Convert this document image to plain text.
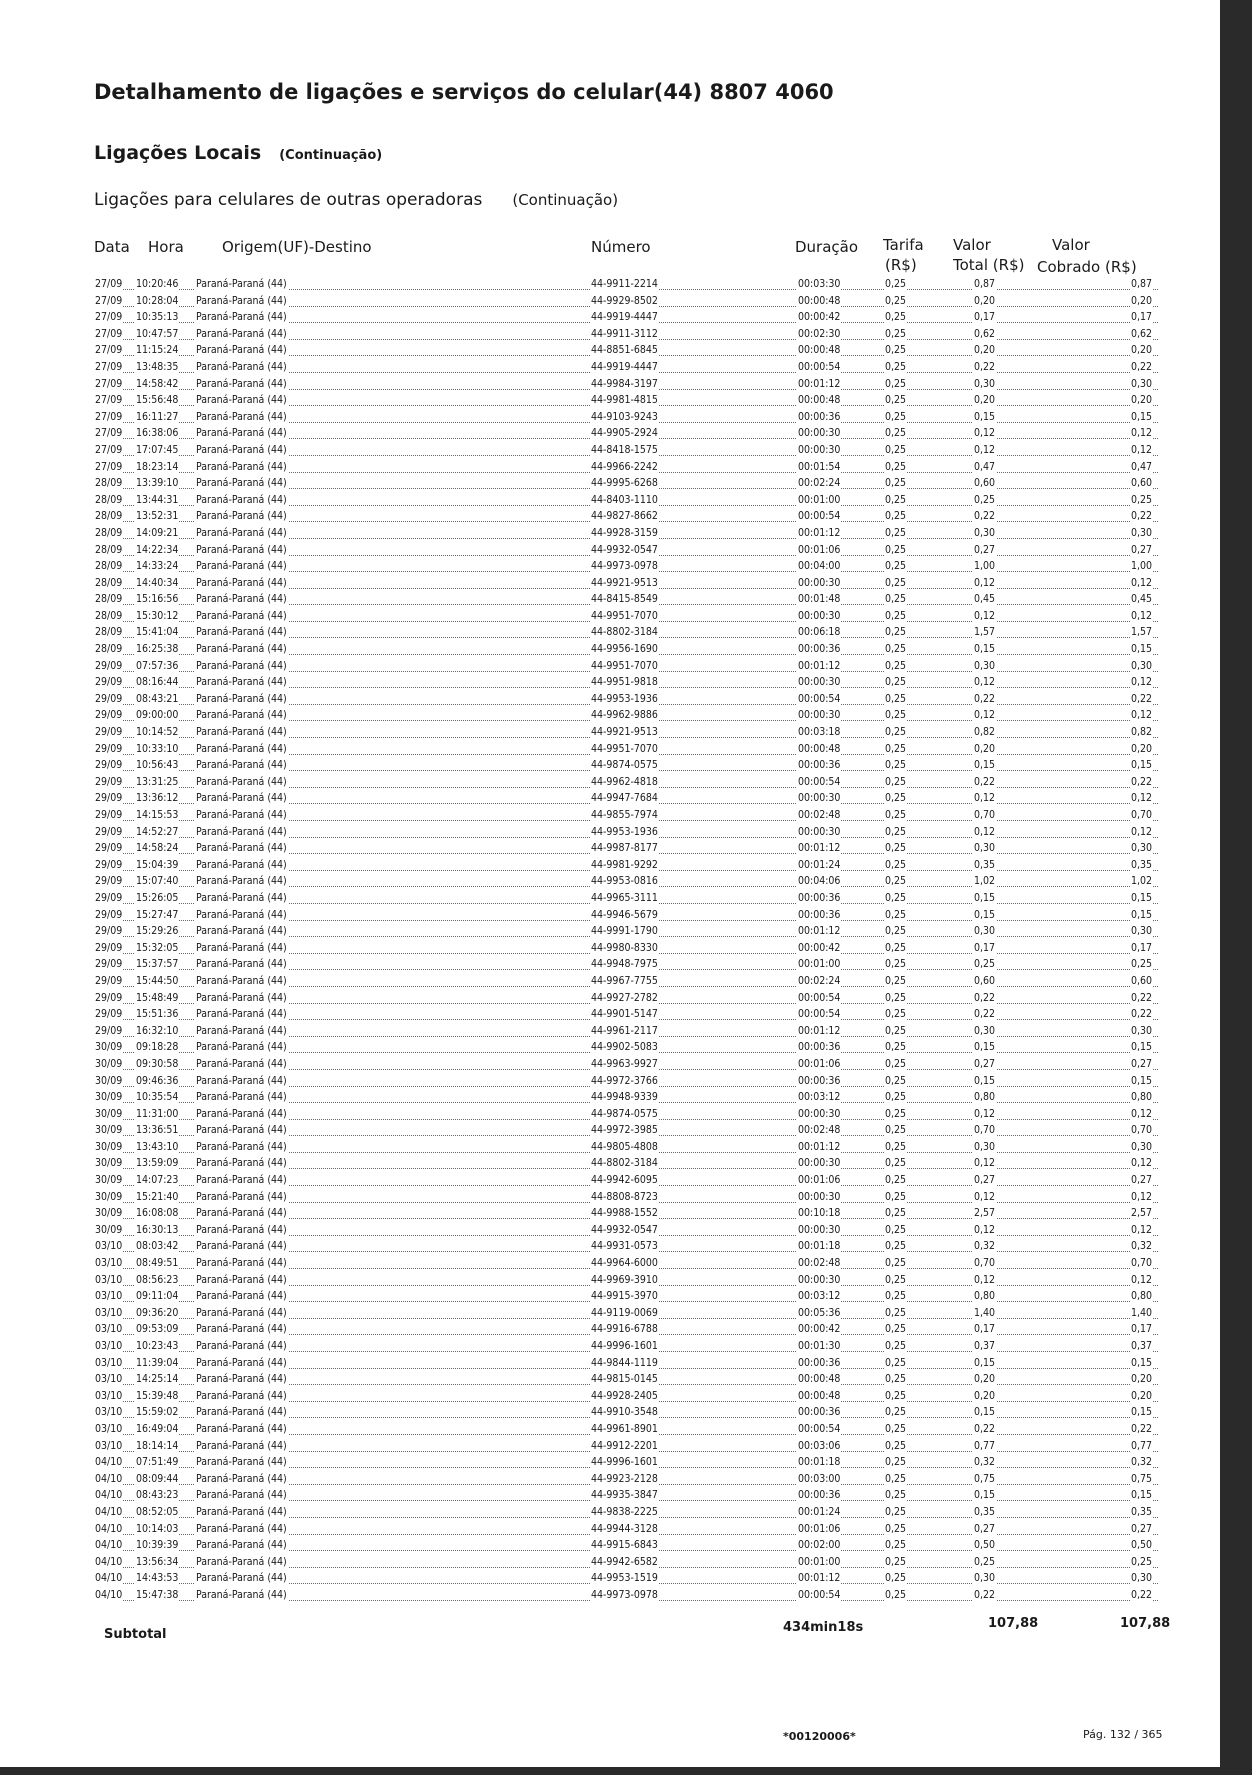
Detalhamento de ligações e serviços do celular(44) 8807 4060
Ligações Locais (Continuação)
Ligações para celulares de outras operadoras (Continuação)
Data Hora	Origem(UF)-Destino	Número	Duração Tarifa
(R$)
Valor
Total (R$)
Valor
Cobrado (R$)
27/09 10:20:46 Paraná-Paraná (44)	44-9911-2214	00:03:30	0,25	0,87	0,87
27/09 10:28:04 Paraná-Paraná (44)	44-9929-8502	00:00:48	0,25	0,20	0,20
27/09 10:35:13 Paraná-Paraná (44)	44-9919-4447	00:00:42	0,25	0,17	0,17
27/09 10:47:57 Paraná-Paraná (44)	44-9911-3112	00:02:30	0,25	0,62	0,62
27/09 11:15:24 Paraná-Paraná (44)	44-8851-6845	00:00:48	0,25	0,20	0,20
27/09 13:48:35 Paraná-Paraná (44)	44-9919-4447	00:00:54	0,25	0,22	0,22
27/09 14:58:42 Paraná-Paraná (44)	44-9984-3197	00:01:12	0,25	0,30	0,30
27/09 15:56:48 Paraná-Paraná (44)	44-9981-4815	00:00:48	0,25	0,20	0,20
27/09 16:11:27 Paraná-Paraná (44)	44-9103-9243	00:00:36	0,25	0,15	0,15
27/09 16:38:06 Paraná-Paraná (44)	44-9905-2924	00:00:30	0,25	0,12	0,12
27/09 17:07:45 Paraná-Paraná (44)	44-8418-1575	00:00:30	0,25	0,12	0,12
27/09 18:23:14 Paraná-Paraná (44)	44-9966-2242	00:01:54	0,25	0,47	0,47
28/09 13:39:10 Paraná-Paraná (44)	44-9995-6268	00:02:24	0,25	0,60	0,60
28/09 13:44:31 Paraná-Paraná (44)	44-8403-1110	00:01:00	0,25	0,25	0,25
28/09 13:52:31 Paraná-Paraná (44)	44-9827-8662	00:00:54	0,25	0,22	0,22
28/09 14:09:21 Paraná-Paraná (44)	44-9928-3159	00:01:12	0,25	0,30	0,30
28/09 14:22:34 Paraná-Paraná (44)	44-9932-0547	00:01:06	0,25	0,27	0,27
28/09 14:33:24 Paraná-Paraná (44)	44-9973-0978	00:04:00	0,25	1,00	1,00
28/09 14:40:34 Paraná-Paraná (44)	44-9921-9513	00:00:30	0,25	0,12	0,12
28/09 15:16:56 Paraná-Paraná (44)	44-8415-8549	00:01:48	0,25	0,45	0,45
28/09 15:30:12 Paraná-Paraná (44)	44-9951-7070	00:00:30	0,25	0,12	0,12
28/09 15:41:04 Paraná-Paraná (44)	44-8802-3184	00:06:18	0,25	1,57	1,57
28/09 16:25:38 Paraná-Paraná (44)	44-9956-1690	00:00:36	0,25	0,15	0,15
29/09 07:57:36 Paraná-Paraná (44)	44-9951-7070	00:01:12	0,25	0,30	0,30
29/09 08:16:44 Paraná-Paraná (44)	44-9951-9818	00:00:30	0,25	0,12	0,12
29/09 08:43:21 Paraná-Paraná (44)	44-9953-1936	00:00:54	0,25	0,22	0,22
29/09 09:00:00 Paraná-Paraná (44)	44-9962-9886	00:00:30	0,25	0,12	0,12
29/09 10:14:52 Paraná-Paraná (44)	44-9921-9513	00:03:18	0,25	0,82	0,82
29/09 10:33:10 Paraná-Paraná (44)	44-9951-7070	00:00:48	0,25	0,20	0,20
29/09 10:56:43 Paraná-Paraná (44)	44-9874-0575	00:00:36	0,25	0,15	0,15
29/09 13:31:25 Paraná-Paraná (44)	44-9962-4818	00:00:54	0,25	0,22	0,22
29/09 13:36:12 Paraná-Paraná (44)	44-9947-7684	00:00:30	0,25	0,12	0,12
29/09 14:15:53 Paraná-Paraná (44)	44-9855-7974	00:02:48	0,25	0,70	0,70
29/09 14:52:27 Paraná-Paraná (44)	44-9953-1936	00:00:30	0,25	0,12	0,12
29/09 14:58:24 Paraná-Paraná (44)	44-9987-8177	00:01:12	0,25	0,30	0,30
29/09 15:04:39 Paraná-Paraná (44)	44-9981-9292	00:01:24	0,25	0,35	0,35
29/09 15:07:40 Paraná-Paraná (44)	44-9953-0816	00:04:06	0,25	1,02	1,02
29/09 15:26:05 Paraná-Paraná (44)	44-9965-3111	00:00:36	0,25	0,15	0,15
29/09 15:27:47 Paraná-Paraná (44)	44-9946-5679	00:00:36	0,25	0,15	0,15
29/09 15:29:26 Paraná-Paraná (44)	44-9991-1790	00:01:12	0,25	0,30	0,30
29/09 15:32:05 Paraná-Paraná (44)	44-9980-8330	00:00:42	0,25	0,17	0,17
29/09 15:37:57 Paraná-Paraná (44)	44-9948-7975	00:01:00	0,25	0,25	0,25
29/09 15:44:50 Paraná-Paraná (44)	44-9967-7755	00:02:24	0,25	0,60	0,60
29/09 15:48:49 Paraná-Paraná (44)	44-9927-2782	00:00:54	0,25	0,22	0,22
29/09 15:51:36 Paraná-Paraná (44)	44-9901-5147	00:00:54	0,25	0,22	0,22
29/09 16:32:10 Paraná-Paraná (44)	44-9961-2117	00:01:12	0,25	0,30	0,30
30/09 09:18:28 Paraná-Paraná (44)	44-9902-5083	00:00:36	0,25	0,15	0,15
30/09 09:30:58 Paraná-Paraná (44)	44-9963-9927	00:01:06	0,25	0,27	0,27
30/09 09:46:36 Paraná-Paraná (44)	44-9972-3766	00:00:36	0,25	0,15	0,15
30/09 10:35:54 Paraná-Paraná (44)	44-9948-9339	00:03:12	0,25	0,80	0,80
30/09 11:31:00 Paraná-Paraná (44)	44-9874-0575	00:00:30	0,25	0,12	0,12
30/09 13:36:51 Paraná-Paraná (44)	44-9972-3985	00:02:48	0,25	0,70	0,70
30/09 13:43:10 Paraná-Paraná (44)	44-9805-4808	00:01:12	0,25	0,30	0,30
30/09 13:59:09 Paraná-Paraná (44)	44-8802-3184	00:00:30	0,25	0,12	0,12
30/09 14:07:23 Paraná-Paraná (44)	44-9942-6095	00:01:06	0,25	0,27	0,27
30/09 15:21:40 Paraná-Paraná (44)	44-8808-8723	00:00:30	0,25	0,12	0,12
30/09 16:08:08 Paraná-Paraná (44)	44-9988-1552	00:10:18	0,25	2,57	2,57
30/09 16:30:13 Paraná-Paraná (44)	44-9932-0547	00:00:30	0,25	0,12	0,12
03/10 08:03:42 Paraná-Paraná (44)	44-9931-0573	00:01:18	0,25	0,32	0,32
03/10 08:49:51 Paraná-Paraná (44)	44-9964-6000	00:02:48	0,25	0,70	0,70
03/10 08:56:23 Paraná-Paraná (44)	44-9969-3910	00:00:30	0,25	0,12	0,12
03/10 09:11:04 Paraná-Paraná (44)	44-9915-3970	00:03:12	0,25	0,80	0,80
03/10 09:36:20 Paraná-Paraná (44)	44-9119-0069	00:05:36	0,25	1,40	1,40
03/10 09:53:09 Paraná-Paraná (44)	44-9916-6788	00:00:42	0,25	0,17	0,17
03/10 10:23:43 Paraná-Paraná (44)	44-9996-1601	00:01:30	0,25	0,37	0,37
03/10 11:39:04 Paraná-Paraná (44)	44-9844-1119	00:00:36	0,25	0,15	0,15
03/10 14:25:14 Paraná-Paraná (44)	44-9815-0145	00:00:48	0,25	0,20	0,20
03/10 15:39:48 Paraná-Paraná (44)	44-9928-2405	00:00:48	0,25	0,20	0,20
03/10 15:59:02 Paraná-Paraná (44)	44-9910-3548	00:00:36	0,25	0,15	0,15
03/10 16:49:04 Paraná-Paraná (44)	44-9961-8901	00:00:54	0,25	0,22	0,22
03/10 18:14:14 Paraná-Paraná (44)	44-9912-2201	00:03:06	0,25	0,77	0,77
04/10 07:51:49 Paraná-Paraná (44)	44-9996-1601	00:01:18	0,25	0,32	0,32
04/10 08:09:44 Paraná-Paraná (44)	44-9923-2128	00:03:00	0,25	0,75	0,75
04/10 08:43:23 Paraná-Paraná (44)	44-9935-3847	00:00:36	0,25	0,15	0,15
04/10 08:52:05 Paraná-Paraná (44)	44-9838-2225	00:01:24	0,25	0,35	0,35
04/10 10:14:03 Paraná-Paraná (44)	44-9944-3128	00:01:06	0,25	0,27	0,27
04/10 10:39:39 Paraná-Paraná (44)	44-9915-6843	00:02:00	0,25	0,50	0,50
04/10 13:56:34 Paraná-Paraná (44)	44-9942-6582	00:01:00	0,25	0,25	0,25
04/10 14:43:53 Paraná-Paraná (44)	44-9953-1519	00:01:12	0,25	0,30	0,30
04/10 15:47:38 Paraná-Paraná (44)	44-9973-0978	00:00:54	0,25	0,22	0,22
Subtotal	434min18s	107,88	107,88
*00120006*	Pág. 132 / 365
